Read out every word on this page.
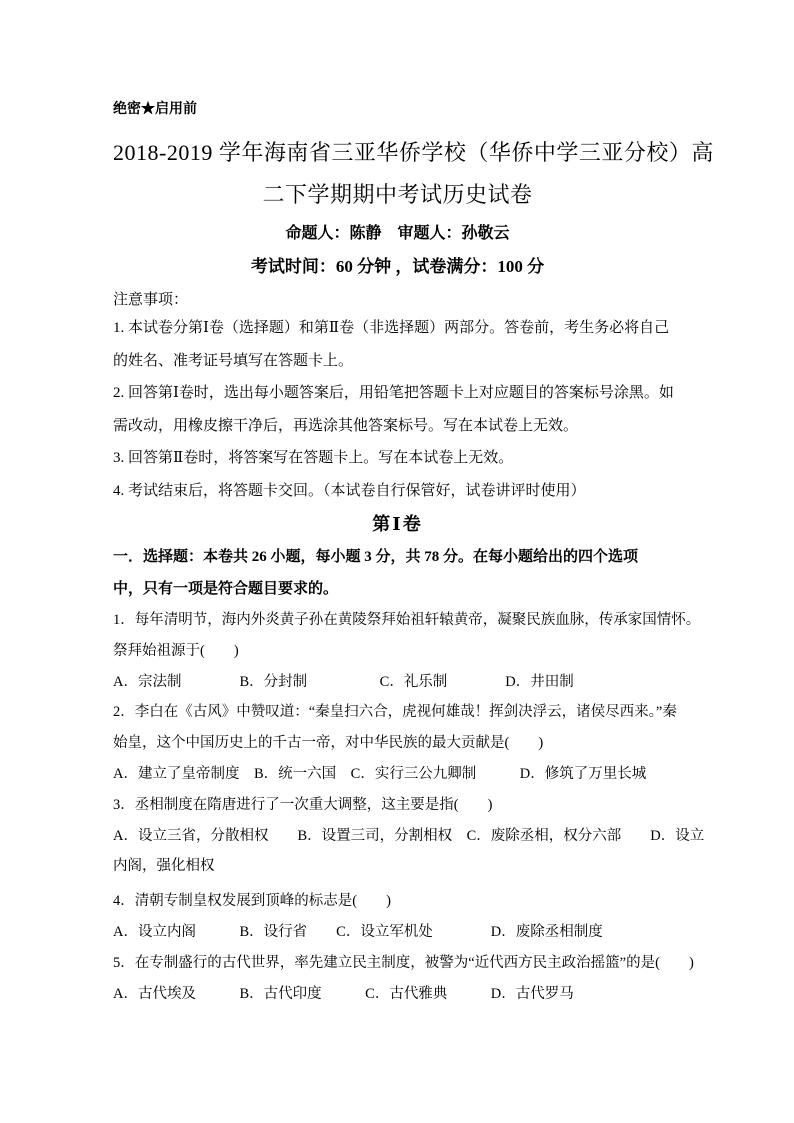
绝密★启用前
2018-2019 学年海南省三亚华侨学校（华侨中学三亚分校）高
二下学期期中考试历史试卷
命题人：陈静　审题人：孙敬云
考试时间：60 分钟 ，试卷满分：100 分
注意事项：
1. 本试卷分第Ⅰ卷（选择题）和第Ⅱ卷（非选择题）两部分。答卷前，考生务必将自己
的姓名、准考证号填写在答题卡上。
2. 回答第Ⅰ卷时，选出每小题答案后，用铅笔把答题卡上对应题目的答案标号涂黑。如
需改动，用橡皮擦干净后，再选涂其他答案标号。写在本试卷上无效。
3. 回答第Ⅱ卷时，将答案写在答题卡上。写在本试卷上无效。
4. 考试结束后，将答题卡交回。（本试卷自行保管好，试卷讲评时使用）
第Ⅰ卷
一．选择题：本卷共 26 小题，每小题 3 分，共 78 分。在每小题给出的四个选项
中，只有一项是符合题目要求的。
1．每年清明节，海内外炎黄子孙在黄陵祭拜始祖轩辕黄帝，凝聚民族血脉，传承家国情怀。
祭拜始祖源于(　　)
A．宗法制　　　　B．分封制　　　　　C．礼乐制　　　　D．井田制
2．李白在《古风》中赞叹道：“秦皇扫六合，虎视何雄哉！挥剑决浮云，诸侯尽西来。”秦
始皇，这个中国历史上的千古一帝，对中华民族的最大贡献是(　　)
A．建立了皇帝制度　B．统一六国　C．实行三公九卿制　　　D．修筑了万里长城
3．丞相制度在隋唐进行了一次重大调整，这主要是指(　　)
A．设立三省，分散相权　　B．设置三司，分割相权　C．废除丞相，权分六部　　D．设立
内阁，强化相权
4．清朝专制皇权发展到顶峰的标志是(　　)
A．设立内阁　　　B．设行省　　C．设立军机处　　　　D．废除丞相制度
5．在专制盛行的古代世界，率先建立民主制度，被警为“近代西方民主政治摇篮”的是(　　)
A．古代埃及　　　B．古代印度　　　C．古代雅典　　　D．古代罗马
